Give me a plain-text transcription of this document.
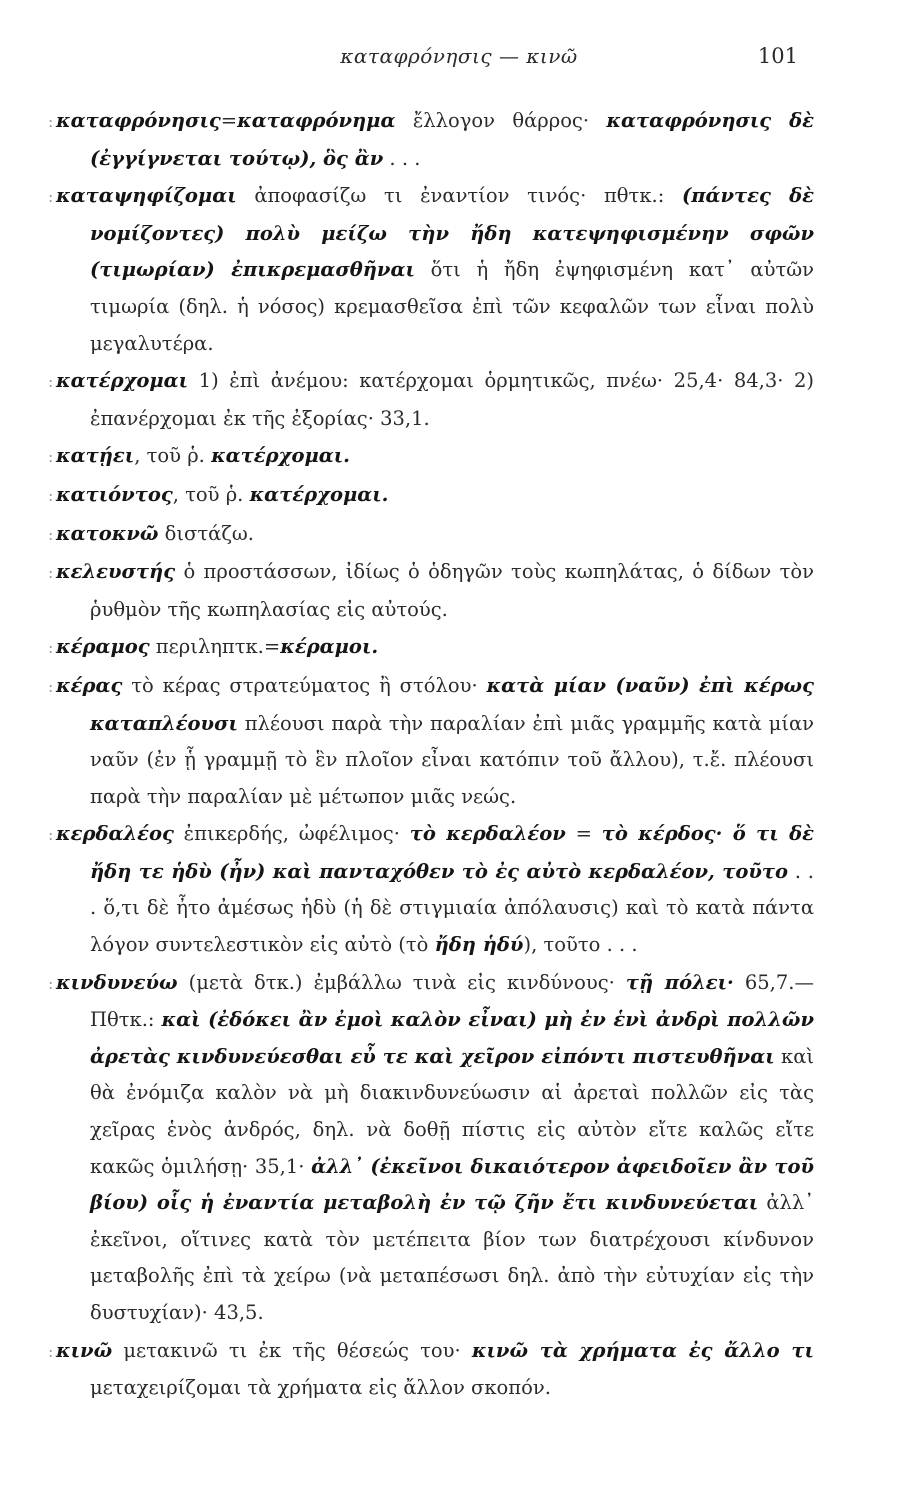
καταφρόνησις — κινῶ	101

: καταφρόνησις=καταφρόνημα ἔλλογον θάρρος· καταφρόνησις δὲ (ἐγγίγνεται τούτῳ), ὃς ἂν . . .

: καταψηφίζομαι ἀποφασίζω τι ἐναντίον τινός· πθτκ.: (πάντες δὲ νομίζοντες) πολὺ μείζω τὴν ἤδη κατεψηφισμένην σφῶν (τιμωρίαν) ἐπικρεμασθῆναι ὅτι ἡ ἤδη ἐψηφισμένη κατ᾽ αὐτῶν τιμωρία (δηλ. ἡ νόσος) κρεμασθεῖσα ἐπὶ τῶν κεφαλῶν των εἶναι πολὺ μεγαλυτέρα.

: κατέρχομαι 1) ἐπὶ ἀνέμου: κατέρχομαι ὁρμητικῶς, πνέω· 25,4· 84,3· 2) ἐπανέρχομαι ἐκ τῆς ἐξορίας· 33,1.

: κατῄει, τοῦ ῥ. κατέρχομαι.

: κατιόντος, τοῦ ῥ. κατέρχομαι.

: κατοκνῶ διστάζω.

: κελευστής ὁ προστάσσων, ἰδίως ὁ ὁδηγῶν τοὺς κωπηλάτας, ὁ δίδων τὸν ῥυθμὸν τῆς κωπηλασίας εἰς αὐτούς.

: κέραμος περιληπτκ.=κέραμοι.

: κέρας τὸ κέρας στρατεύματος ἢ στόλου· κατὰ μίαν (ναῦν) ἐπὶ κέρως καταπλέουσι πλέουσι παρὰ τὴν παραλίαν ἐπὶ μιᾶς γραμμῆς κατὰ μίαν ναῦν (ἐν ᾗ γραμμῇ τὸ ἓν πλοῖον εἶναι κατόπιν τοῦ ἄλλου), τ.ἔ. πλέουσι παρὰ τὴν παραλίαν μὲ μέτωπον μιᾶς νεώς.

: κερδαλέος ἐπικερδής, ὠφέλιμος· τὸ κερδαλέον = τὸ κέρδος· ὅ τι δὲ ἤδη τε ἡδὺ (ἦν) καὶ πανταχόθεν τὸ ἐς αὐτὸ κερδαλέον, τοῦτο . . . ὅ,τι δὲ ἦτο ἀμέσως ἡδὺ (ἡ δὲ στιγμιαία ἀπόλαυσις) καὶ τὸ κατὰ πάντα λόγον συντελεστικὸν εἰς αὐτὸ (τὸ ἤδη ἡδύ), τοῦτο . . .

: κινδυνεύω (μετὰ δτκ.) ἐμβάλλω τινὰ εἰς κινδύνους· τῇ πόλει· 65,7.—Πθτκ.: καὶ (ἐδόκει ἂν ἐμοὶ καλὸν εἶναι) μὴ ἐν ἑνὶ ἀνδρὶ πολλῶν ἀρετὰς κινδυνεύεσθαι εὖ τε καὶ χεῖρον εἰπόντι πιστευθῆναι καὶ θὰ ἐνόμιζα καλὸν νὰ μὴ διακινδυνεύωσιν αἱ ἀρεταὶ πολλῶν εἰς τὰς χεῖρας ἑνὸς ἀνδρός, δηλ. νὰ δοθῇ πίστις εἰς αὐτὸν εἴτε καλῶς εἴτε κακῶς ὁμιλήσῃ· 35,1· ἀλλ᾽ (ἐκεῖνοι δικαιότερον ἀφειδοῖεν ἂν τοῦ βίου) οἷς ἡ ἐναντία μεταβολὴ ἐν τῷ ζῆν ἔτι κινδυνεύεται ἀλλ᾽ ἐκεῖνοι, οἵτινες κατὰ τὸν μετέπειτα βίον των διατρέχουσι κίνδυνον μεταβολῆς ἐπὶ τὰ χείρω (νὰ μεταπέσωσι δηλ. ἀπὸ τὴν εὐτυχίαν εἰς τὴν δυστυχίαν)· 43,5.

: κινῶ μετακινῶ τι ἐκ τῆς θέσεώς του· κινῶ τὰ χρήματα ἐς ἄλλο τι μεταχειρίζομαι τὰ χρήματα εἰς ἄλλον σκοπόν.
